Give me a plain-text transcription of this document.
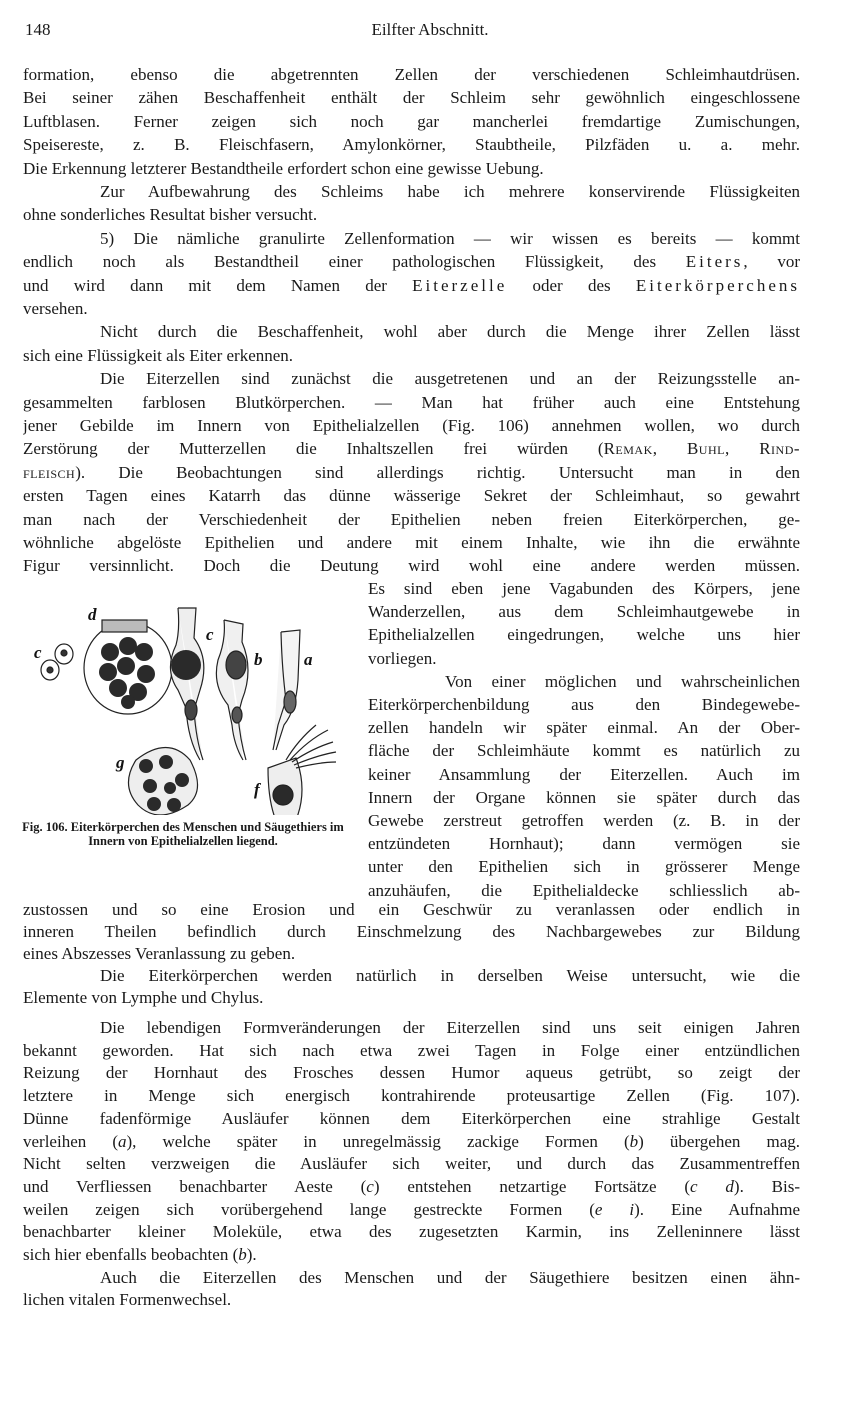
148	Eilfter Abschnitt.
formation, ebenso die abgetrennten Zellen der verschiedenen Schleimhautdrüsen.
Bei seiner zähen Beschaffenheit enthält der Schleim sehr gewöhnlich eingeschlossene
Luftblasen. Ferner zeigen sich noch gar mancherlei fremdartige Zumischungen,
Speisereste, z. B. Fleischfasern, Amylonkörner, Staubtheile, Pilzfäden u. a. mehr.
Die Erkennung letzterer Bestandtheile erfordert schon eine gewisse Uebung.
Zur Aufbewahrung des Schleims habe ich mehrere konservirende Flüssigkeiten
ohne sonderliches Resultat bisher versucht.
5) Die nämliche granulirte Zellenformation — wir wissen es bereits — kommt
endlich noch als Bestandtheil einer pathologischen Flüssigkeit, des Eiters, vor
und wird dann mit dem Namen der Eiterzelle oder des Eiterkörperchens
versehen.
Nicht durch die Beschaffenheit, wohl aber durch die Menge ihrer Zellen lässt
sich eine Flüssigkeit als Eiter erkennen.
Die Eiterzellen sind zunächst die ausgetretenen und an der Reizungsstelle an-
gesammelten farblosen Blutkörperchen. — Man hat früher auch eine Entstehung
jener Gebilde im Innern von Epithelialzellen (Fig. 106) annehmen wollen, wo durch
Zerstörung der Mutterzellen die Inhaltszellen frei würden (Remak, Buhl, Rind-
fleisch). Die Beobachtungen sind allerdings richtig. Untersucht man in den
ersten Tagen eines Katarrh das dünne wässerige Sekret der Schleimhaut, so gewahrt
man nach der Verschiedenheit der Epithelien neben freien Eiterkörperchen, ge-
wöhnliche abgelöste Epithelien und andere mit einem Inhalte, wie ihn die erwähnte
Figur versinnlicht. Doch die Deutung wird wohl eine andere werden müssen.
Es sind eben jene Vagabunden des Körpers, jene
Wanderzellen, aus dem Schleimhautgewebe in
Epithelialzellen eingedrungen, welche uns hier
vorliegen.
Von einer möglichen und wahrscheinlichen
Eiterkörperchenbildung aus den Bindegewebe-
zellen handeln wir später einmal. An der Ober-
fläche der Schleimhäute kommt es natürlich zu
keiner Ansammlung der Eiterzellen. Auch im
Innern der Organe können sie später durch das
Gewebe zerstreut getroffen werden (z. B. in der
entzündeten Hornhaut); dann vermögen sie
unter den Epithelien sich in grösserer Menge
anzuhäufen, die Epithelialdecke schliesslich ab-
zustossen und so eine Erosion und ein Geschwür zu veranlassen oder endlich in
inneren Theilen befindlich durch Einschmelzung des Nachbargewebes zur Bildung
eines Abszesses Veranlassung zu geben.
Die Eiterkörperchen werden natürlich in derselben Weise untersucht, wie die
Elemente von Lymphe und Chylus.
Die lebendigen Formveränderungen der Eiterzellen sind uns seit einigen Jahren
bekannt geworden. Hat sich nach etwa zwei Tagen in Folge einer entzündlichen
Reizung der Hornhaut des Frosches dessen Humor aqueus getrübt, so zeigt der
letztere in Menge sich energisch kontrahirende proteusartige Zellen (Fig. 107).
Dünne fadenförmige Ausläufer können dem Eiterkörperchen eine strahlige Gestalt
verleihen (a), welche später in unregelmässig zackige Formen (b) übergehen mag.
Nicht selten verzweigen die Ausläufer sich weiter, und durch das Zusammentreffen
und Verfliessen benachbarter Aeste (c) entstehen netzartige Fortsätze (c d). Bis-
weilen zeigen sich vorübergehend lange gestreckte Formen (e i). Eine Aufnahme
benachbarter kleiner Moleküle, etwa des zugesetzten Karmin, ins Zelleninnere lässt
sich hier ebenfalls beobachten (b).
Auch die Eiterzellen des Menschen und der Säugethiere besitzen einen ähn-
lichen vitalen Formenwechsel.
c
d
c
b a
g
f
Fig. 106. Eiterkörperchen des Menschen und Säugethiers im Innern von Epithelialzellen liegend.
